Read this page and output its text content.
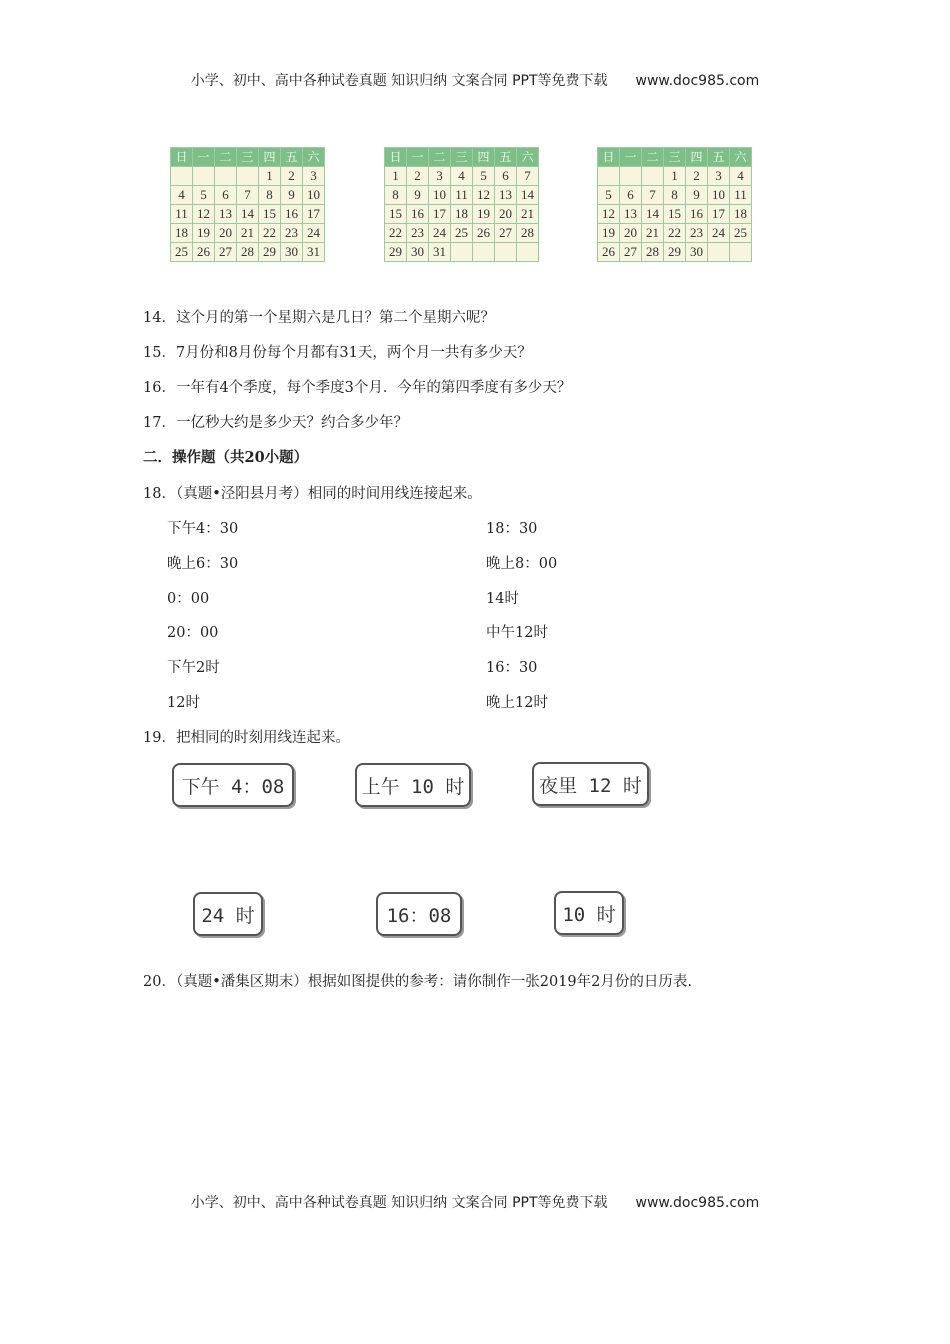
小学、初中、高中各种试卷真题 知识归纳 文案合同 PPT等免费下载 www.doc985.com
日	一	二	三	四	五	六
				1	2	3
4	5	6	7	8	9	10
11	12	13	14	15	16	17
18	19	20	21	22	23	24
25	26	27	28	29	30	31
日	一	二	三	四	五	六
1	2	3	4	5	6	7
8	9	10	11	12	13	14
15	16	17	18	19	20	21
22	23	24	25	26	27	28
29	30	31				
日	一	二	三	四	五	六
			1	2	3	4
5	6	7	8	9	10	11
12	13	14	15	16	17	18
19	20	21	22	23	24	25
26	27	28	29	30		
14．这个月的第一个星期六是几日？第二个星期六呢？
15．7月份和8月份每个月都有31天，两个月一共有多少天？
16．一年有4个季度，每个季度3个月．今年的第四季度有多少天？
17．一亿秒大约是多少天？约合多少年？
二．操作题（共20小题）
18．（真题•泾阳县月考）相同的时间用线连接起来。
下午4：30
晚上6：30
0：00
20：00
下午2时
12时
18：30
晚上8：00
14时
中午12时
16：30
晚上12时
19．把相同的时刻用线连起来。
下午 4：08	上午 10 时	夜里 12 时
24 时	16：08	10 时
20．（真题•潘集区期末）根据如图提供的参考：请你制作一张2019年2月份的日历表.
小学、初中、高中各种试卷真题 知识归纳 文案合同 PPT等免费下载 www.doc985.com
